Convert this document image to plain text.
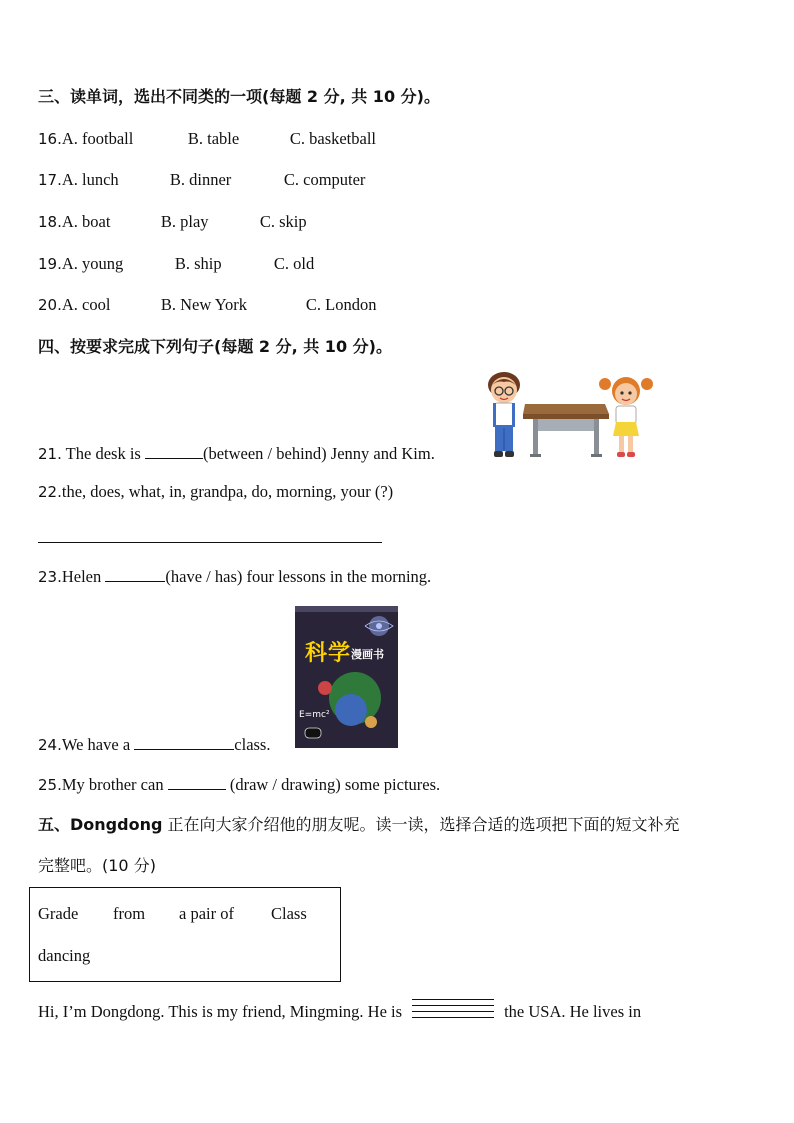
三、读单词，选出不同类的一项(每题 2 分, 共 10 分)。
16.A. football	B. table	C. basketball
17.A. lunch	B. dinner	C. computer
18.A. boat	B. play	C. skip
19.A. young	B. ship	C. old
20.A. cool	B. New York	C. London
四、按要求完成下列句子(每题 2 分, 共 10 分)。
21. The desk is	(between / behind) Jenny and Kim.
22.the, does, what, in, grandpa, do, morning, your (?)
23.Helen	(have / has) four lessons in the morning.
科学 漫画书
E=mc²
24.We have a	class.
25.My brother can	(draw / drawing) some pictures.
五、Dongdong 正在向大家介绍他的朋友呢。读一读，选择合适的选项把下面的短文补充
完整吧。(10 分)
Grade from a pair of Class
dancing
Hi, I’m Dongdong. This is my friend, Mingming. He is	the USA. He lives in
